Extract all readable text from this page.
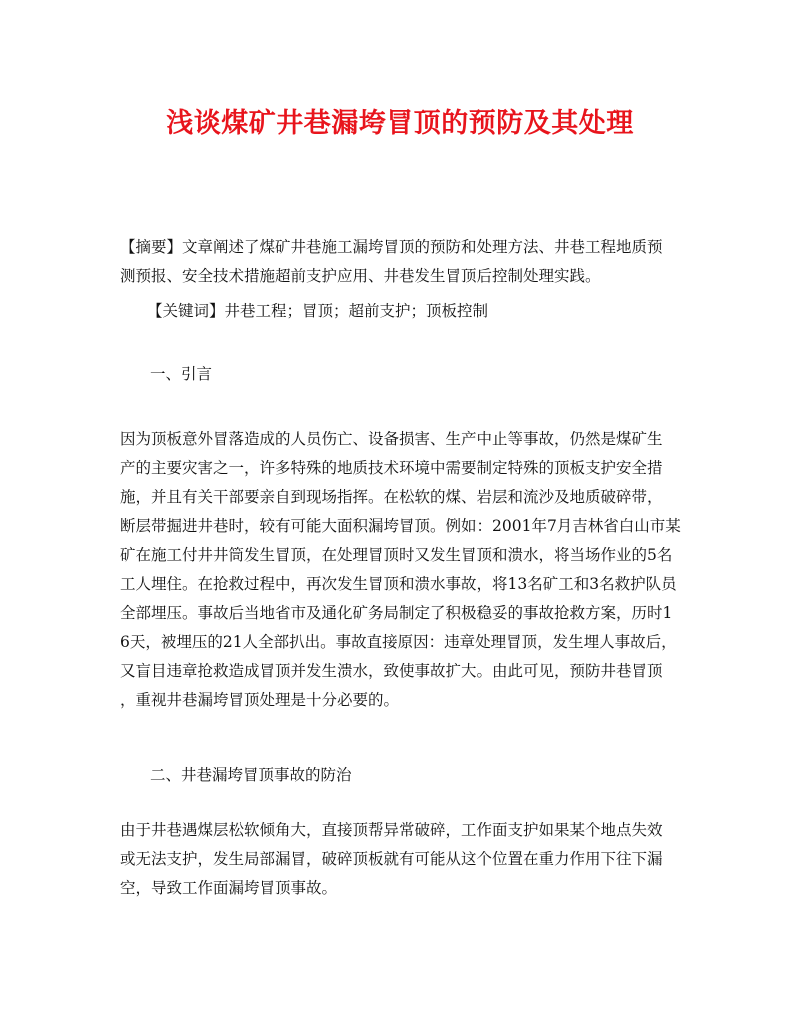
浅谈煤矿井巷漏垮冒顶的预防及其处理
【摘要】文章阐述了煤矿井巷施工漏垮冒顶的预防和处理方法、井巷工程地质预
测预报、安全技术措施超前支护应用、井巷发生冒顶后控制处理实践。
【关键词】井巷工程；冒顶；超前支护；顶板控制
一、引言
因为顶板意外冒落造成的人员伤亡、设备损害、生产中止等事故，仍然是煤矿生
产的主要灾害之一，许多特殊的地质技术环境中需要制定特殊的顶板支护安全措
施，并且有关干部要亲自到现场指挥。在松软的煤、岩层和流沙及地质破碎带，
断层带掘进井巷时，较有可能大面积漏垮冒顶。例如：2001年7月吉林省白山市某
矿在施工付井井筒发生冒顶，在处理冒顶时又发生冒顶和溃水，将当场作业的5名
工人埋住。在抢救过程中，再次发生冒顶和溃水事故，将13名矿工和3名救护队员
全部埋压。事故后当地省市及通化矿务局制定了积极稳妥的事故抢救方案，历时1
6天，被埋压的21人全部扒出。事故直接原因：违章处理冒顶，发生埋人事故后，
又盲目违章抢救造成冒顶并发生溃水，致使事故扩大。由此可见，预防井巷冒顶
，重视井巷漏垮冒顶处理是十分必要的。
二、井巷漏垮冒顶事故的防治
由于井巷遇煤层松软倾角大，直接顶帮异常破碎，工作面支护如果某个地点失效
或无法支护，发生局部漏冒，破碎顶板就有可能从这个位置在重力作用下往下漏
空，导致工作面漏垮冒顶事故。
